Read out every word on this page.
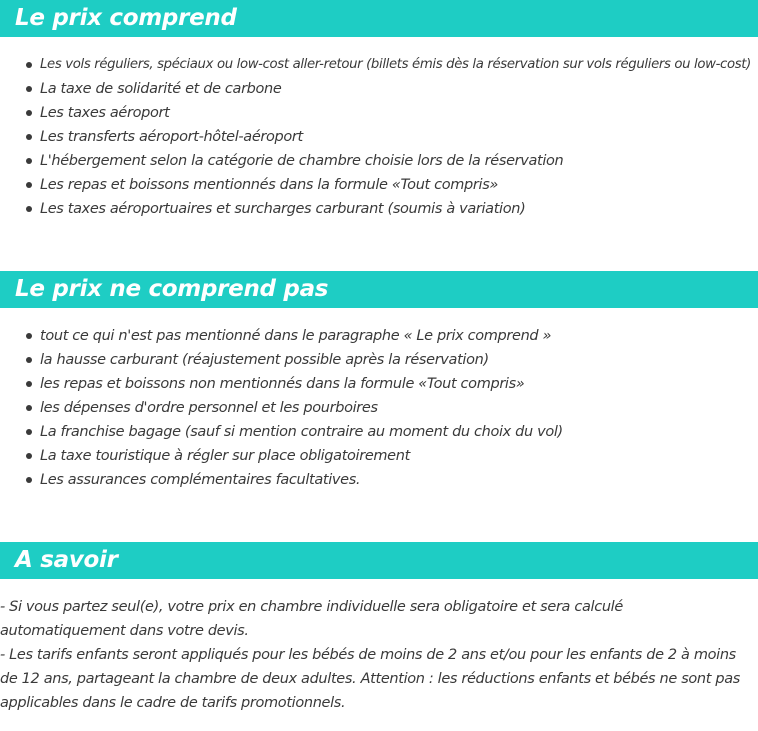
Le prix comprend
Les vols réguliers, spéciaux ou low-cost aller-retour (billets émis dès la réservation sur vols réguliers ou low-cost)
La taxe de solidarité et de carbone
Les taxes aéroport
Les transferts aéroport-hôtel-aéroport
L'hébergement selon la catégorie de chambre choisie lors de la réservation
Les repas et boissons mentionnés dans la formule «Tout compris»
Les taxes aéroportuaires et surcharges carburant (soumis à variation)
Le prix ne comprend pas
tout ce qui n'est pas mentionné dans le paragraphe « Le prix comprend »
la hausse carburant (réajustement possible après la réservation)
les repas et boissons non mentionnés dans la formule «Tout compris»
les dépenses d'ordre personnel et les pourboires
La franchise bagage (sauf si mention contraire au moment du choix du vol)
La taxe touristique à régler sur place obligatoirement
Les assurances complémentaires facultatives.
A savoir

- Si vous partez seul(e), votre prix en chambre individuelle sera obligatoire et sera calculé automatiquement dans votre devis.

- Les tarifs enfants seront appliqués pour les bébés de moins de 2 ans et/ou pour les enfants de 2 à moins de 12 ans, partageant la chambre de deux adultes. Attention : les réductions enfants et bébés ne sont pas applicables dans le cadre de tarifs promotionnels.
